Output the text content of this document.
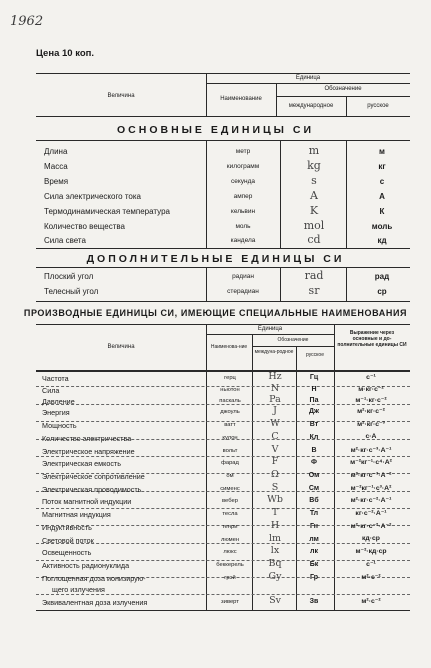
1962
Цена 10 коп.
Величина
Единица
Наименование
Обозначение
международное	русское
ОСНОВНЫЕ ЕДИНИЦЫ СИ
Длина	метр	m	м
Масса	килограмм	kg	кг
Время	секунда	s	с
Сила электрического тока	ампер	A	А
Термодинамическая температура	кельвин	K	К
Количество вещества	моль	mol	моль
Сила света	кандела	cd	кд
ДОПОЛНИТЕЛЬНЫЕ ЕДИНИЦЫ СИ
Плоский угол	радиан	rad	рад
Телесный угол	стерадиан	sr	ср
ПРОИЗВОДНЫЕ ЕДИНИЦЫ СИ, ИМЕЮЩИЕ СПЕЦИАЛЬНЫЕ НАИМЕНОВАНИЯ
Величина
Единица
Наименова-ние
Обозначение
междуна-родное	русское
Выражение через основные и до-полнительные единицы СИ
Частота	герц	Hz	Гц	с⁻¹
Сила	ньютон	N	Н	м·кг·с⁻²
Давление	паскаль	Pa	Па	м⁻¹·кг·с⁻²
Энергия	джоуль	J	Дж	м²·кг·с⁻²
Мощность	ватт	W	Вт	м²·кг·с⁻³
Количество электричества	кулон	C	Кл	с·А
Электрическое напряжение	вольт	V	В	м²·кг·с⁻³·А⁻¹
Электрическая емкость	фарад	F	Ф	м⁻²кг⁻¹·с⁴·А²
Электрическое сопротивление	ом	Ω	Ом	м²·кг·с⁻³·А⁻²
Электрическая проводимость	сименс	S	См	м⁻²кг⁻¹·с³·А²
Поток магнитной индукции	вебер	Wb	Вб	м²·кг·с⁻²·А⁻¹
Магнитная индукция	тесла	T	Тл	кг·с⁻²·А⁻¹
Индуктивность	генри	H	Гн	м²·кг·с⁻²·А⁻²
Световой поток	люмен	lm	лм	кд·ср
Освещенность	люкс	lx	лк	м⁻²·кд·ср
Активность радионуклида	беккерель	Bq	Бк	с⁻¹
Поглощенная доза ионизирую-	грэй	Gy	Гр	м²·с⁻²
щего излучения
Эквивалентная доза излучения	зиверт	Sv	Зв	м²·с⁻²
